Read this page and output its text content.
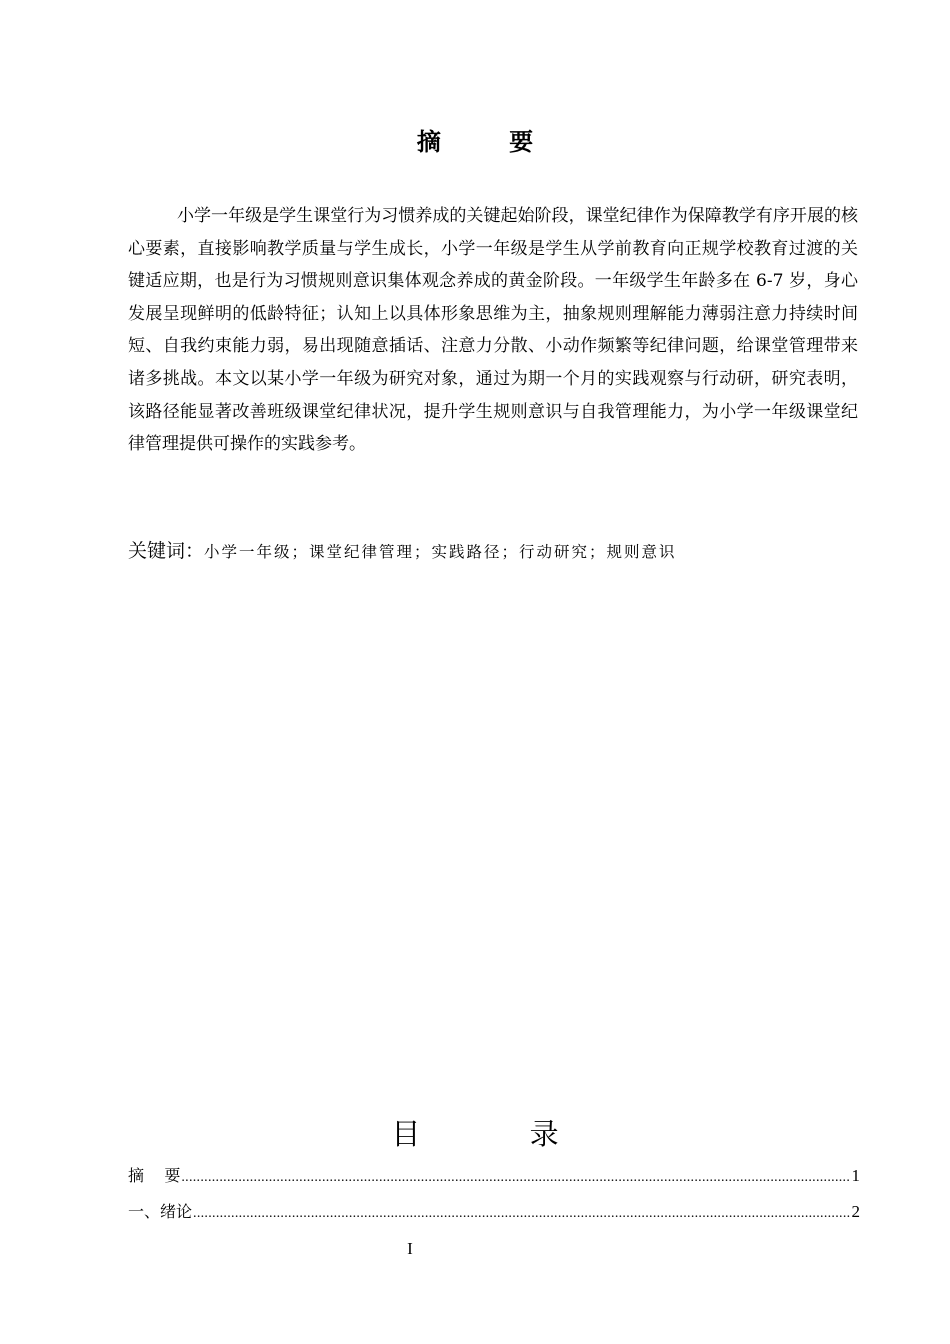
摘 要

小学一年级是学生课堂行为习惯养成的关键起始阶段，课堂纪律作为保障教学有序开展的核心要素，直接影响教学质量与学生成长，小学一年级是学生从学前教育向正规学校教育过渡的关键适应期，也是行为习惯规则意识集体观念养成的黄金阶段。一年级学生年龄多在 6-7 岁，身心发展呈现鲜明的低龄特征；认知上以具体形象思维为主，抽象规则理解能力薄弱注意力持续时间短、自我约束能力弱，易出现随意插话、注意力分散、小动作频繁等纪律问题，给课堂管理带来诸多挑战。本文以某小学一年级为研究对象，通过为期一个月的实践观察与行动研，研究表明，该路径能显著改善班级课堂纪律状况，提升学生规则意识与自我管理能力，为小学一年级课堂纪律管理提供可操作的实践参考。

关键词：小学一年级；课堂纪律管理；实践路径；行动研究；规则意识
目 录
摘    要 .....	1
一、绪论 .....	2
I
